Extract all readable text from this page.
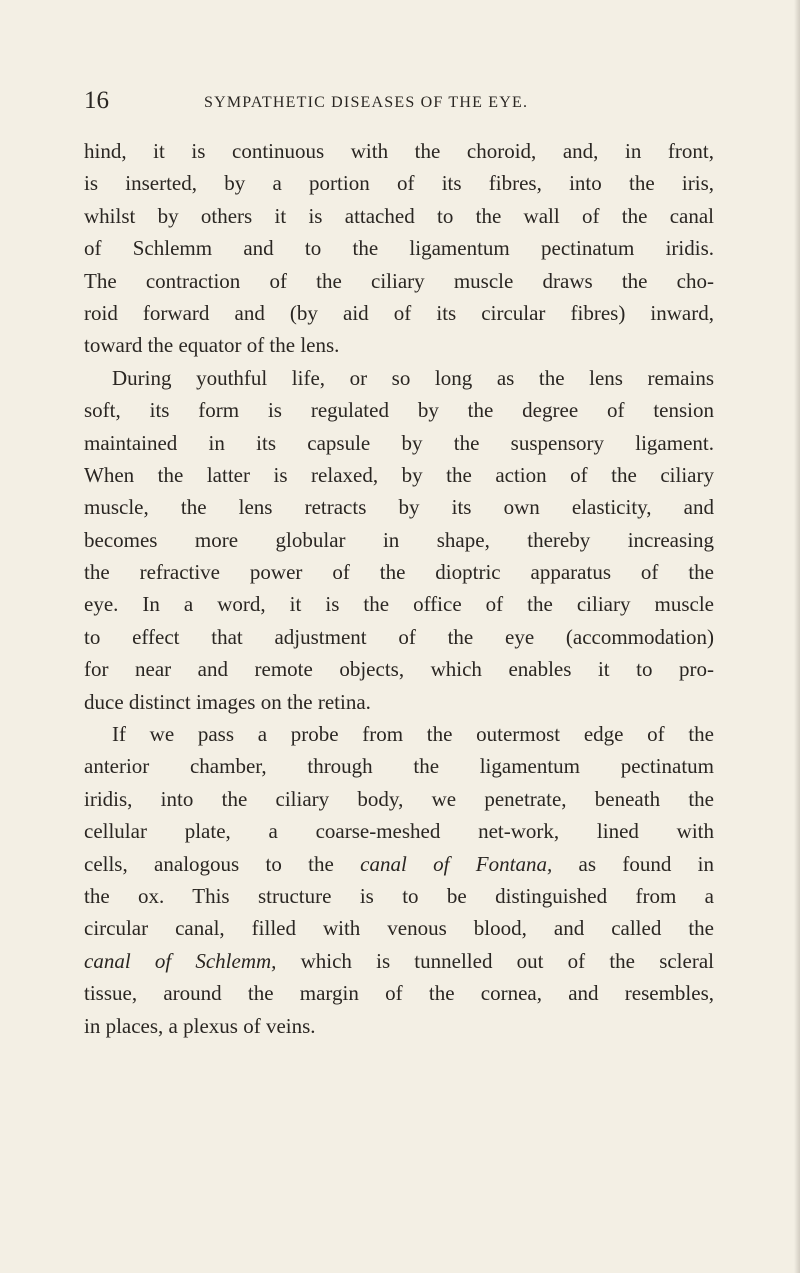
16	SYMPATHETIC DISEASES OF THE EYE.
hind, it is continuous with the choroid, and, in front,
is inserted, by a portion of its fibres, into the iris,
whilst by others it is attached to the wall of the canal
of Schlemm and to the ligamentum pectinatum iridis.
The contraction of the ciliary muscle draws the cho-
roid forward and (by aid of its circular fibres) inward,
toward the equator of the lens.
During youthful life, or so long as the lens remains
soft, its form is regulated by the degree of tension
maintained in its capsule by the suspensory ligament.
When the latter is relaxed, by the action of the ciliary
muscle, the lens retracts by its own elasticity, and
becomes more globular in shape, thereby increasing
the refractive power of the dioptric apparatus of the
eye. In a word, it is the office of the ciliary muscle
to effect that adjustment of the eye (accommodation)
for near and remote objects, which enables it to pro-
duce distinct images on the retina.
If we pass a probe from the outermost edge of the
anterior chamber, through the ligamentum pectinatum
iridis, into the ciliary body, we penetrate, beneath the
cellular plate, a coarse-meshed net-work, lined with
cells, analogous to the canal of Fontana, as found in
the ox. This structure is to be distinguished from a
circular canal, filled with venous blood, and called the
canal of Schlemm, which is tunnelled out of the scleral
tissue, around the margin of the cornea, and resembles,
in places, a plexus of veins.
